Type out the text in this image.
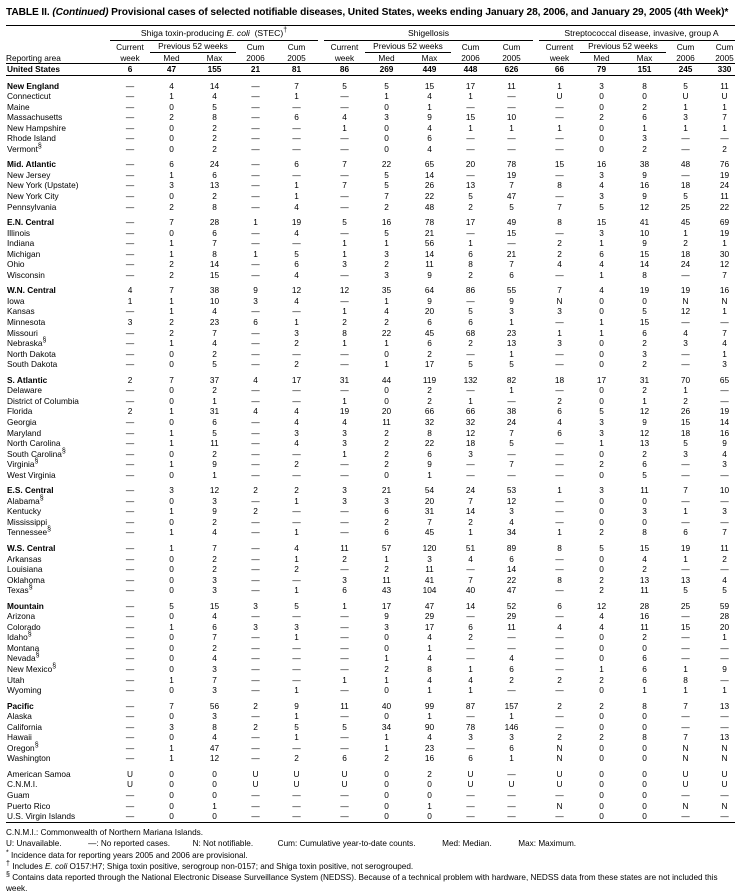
TABLE II. (Continued) Provisional cases of selected notifiable diseases, United States, weeks ending January 28, 2006, and January 29, 2005 (4th Week)*

	Shiga toxin-producing E. coli  (STEC)†						Shigellosis						Streptococcal disease, invasive, group A				
	Current	Previous 52 weeks		Cum	Cum		Current	Previous 52 weeks		Cum	Cum		Current	Previous 52 weeks		Cum	Cum
Reporting area	week	Med	Max	2006	2005		week	Med	Max	2006	2005		week	Med	Max	2006	2005
United States	6	47	155	21	81		86	269	449	448	626		66	79	151	245	330

New England	—	4	14	—	7		5	5	15	17	11		1	3	8	5	11
Connecticut	—	1	4	—	1		—	1	4	1	—		U	0	0	U	U
Maine	—	0	5	—	—		—	0	1	—	—		—	0	2	1	1
Massachusetts	—	2	8	—	6		4	3	9	15	10		—	2	6	3	7
New Hampshire	—	0	2	—	—		1	0	4	1	1		1	0	1	1	1
Rhode Island	—	0	2	—	—		—	0	6	—	—		—	0	3	—	—
Vermont§	—	0	2	—	—		—	0	4	—	—		—	0	2	—	2

Mid. Atlantic	—	6	24	—	6		7	22	65	20	78		15	16	38	48	76
New Jersey	—	1	6	—	—		—	5	14	—	19		—	3	9	—	19
New York (Upstate)	—	3	13	—	1		7	5	26	13	7		8	4	16	18	24
New York City	—	0	2	—	1		—	7	22	5	47		—	3	9	5	11
Pennsylvania	—	2	8	—	4		—	2	48	2	5		7	5	12	25	22

E.N. Central	—	7	28	1	19		5	16	78	17	49		8	15	41	45	69
Illinois	—	0	6	—	4		—	5	21	—	15		—	3	10	1	19
Indiana	—	1	7	—	—		1	1	56	1	—		2	1	9	2	1
Michigan	—	1	8	1	5		1	3	14	6	21		2	6	15	18	30
Ohio	—	2	14	—	6		3	2	11	8	7		4	4	14	24	12
Wisconsin	—	2	15	—	4		—	3	9	2	6		—	1	8	—	7

W.N. Central	4	7	38	9	12		12	35	64	86	55		7	4	19	19	16
Iowa	1	1	10	3	4		—	1	9	—	9		N	0	0	N	N
Kansas	—	1	4	—	—		1	4	20	5	3		3	0	5	12	1
Minnesota	3	2	23	6	1		2	2	6	6	1		—	1	15	—	—
Missouri	—	2	7	—	3		8	22	45	68	23		1	1	6	4	7
Nebraska§	—	1	4	—	2		1	1	6	2	13		3	0	2	3	4
North Dakota	—	0	2	—	—		—	0	2	—	1		—	0	3	—	1
South Dakota	—	0	5	—	2		—	1	17	5	5		—	0	2	—	3

S. Atlantic	2	7	37	4	17		31	44	119	132	82		18	17	31	70	65
Delaware	—	0	2	—	—		—	0	2	—	1		—	0	2	1	—
District of Columbia	—	0	1	—	—		1	0	2	1	—		2	0	1	2	—
Florida	2	1	31	4	4		19	20	66	66	38		6	5	12	26	19
Georgia	—	0	6	—	4		4	11	32	32	24		4	3	9	15	14
Maryland	—	1	5	—	3		3	2	8	12	7		6	3	12	18	16
North Carolina	—	1	11	—	4		3	2	22	18	5		—	1	13	5	9
South Carolina§	—	0	2	—	—		1	2	6	3	—		—	0	2	3	4
Virginia§	—	1	9	—	2		—	2	9	—	7		—	2	6	—	3
West Virginia	—	0	1	—	—		—	0	1	—	—		—	0	5	—	—

E.S. Central	—	3	12	2	2		3	21	54	24	53		1	3	11	7	10
Alabama§	—	0	3	—	1		3	3	20	7	12		—	0	0	—	—
Kentucky	—	1	9	2	—		—	6	31	14	3		—	0	3	1	3
Mississippi	—	0	2	—	—		—	2	7	2	4		—	0	0	—	—
Tennessee§	—	1	4	—	1		—	6	45	1	34		1	2	8	6	7

W.S. Central	—	1	7	—	4		11	57	120	51	89		8	5	15	19	11
Arkansas	—	0	2	—	1		2	1	3	4	6		—	0	4	1	2
Louisiana	—	0	2	—	2		—	2	11	—	14		—	0	2	—	—
Oklahoma	—	0	3	—	—		3	11	41	7	22		8	2	13	13	4
Texas§	—	0	3	—	1		6	43	104	40	47		—	2	11	5	5

Mountain	—	5	15	3	5		1	17	47	14	52		6	12	28	25	59
Arizona	—	0	4	—	—		—	9	29	—	29		—	4	16	—	28
Colorado	—	1	6	3	3		—	3	17	6	11		4	4	11	15	20
Idaho§	—	0	7	—	1		—	0	4	2	—		—	0	2	—	1
Montana	—	0	2	—	—		—	0	1	—	—		—	0	0	—	—
Nevada§	—	0	4	—	—		—	1	4	—	4		—	0	6	—	—
New Mexico§	—	0	3	—	—		—	2	8	1	6		—	1	6	1	9
Utah	—	1	7	—	—		1	1	4	4	2		2	2	6	8	—
Wyoming	—	0	3	—	1		—	0	1	1	—		—	0	1	1	1

Pacific	—	7	56	2	9		11	40	99	87	157		2	2	8	7	13
Alaska	—	0	3	—	1		—	0	1	—	1		—	0	0	—	—
California	—	3	8	2	5		5	34	90	78	146		—	0	0	—	—
Hawaii	—	0	4	—	1		—	1	4	3	3		2	2	8	7	13
Oregon§	—	1	47	—	—		—	1	23	—	6		N	0	0	N	N
Washington	—	1	12	—	2		6	2	16	6	1		N	0	0	N	N

American Samoa	U	0	0	U	U		U	0	2	U	—		U	0	0	U	U
C.N.M.I.	U	0	0	U	U		U	0	0	U	U		U	0	0	U	U
Guam	—	0	0	—	—		—	0	0	—	—		—	0	0	—	—
Puerto Rico	—	0	1	—	—		—	0	1	—	—		N	0	0	N	N
U.S. Virgin Islands	—	0	0	—	—		—	0	0	—	—		—	0	0	—	—

C.N.M.I.: Commonwealth of Northern Mariana Islands.
U: Unavailable.	—: No reported cases.	N: Not notifiable.	Cum: Cumulative year-to-date counts.	Med: Median.	Max: Maximum.
* Incidence data for reporting years 2005 and 2006 are provisional.
† Includes E. coli O157:H7; Shiga toxin positive, serogroup non-0157; and Shiga toxin positive, not serogrouped.
§ Contains data reported through the National Electronic Disease Surveillance System (NEDSS). Because of a technical problem with hardware, NEDSS data from these states are not included this week.
